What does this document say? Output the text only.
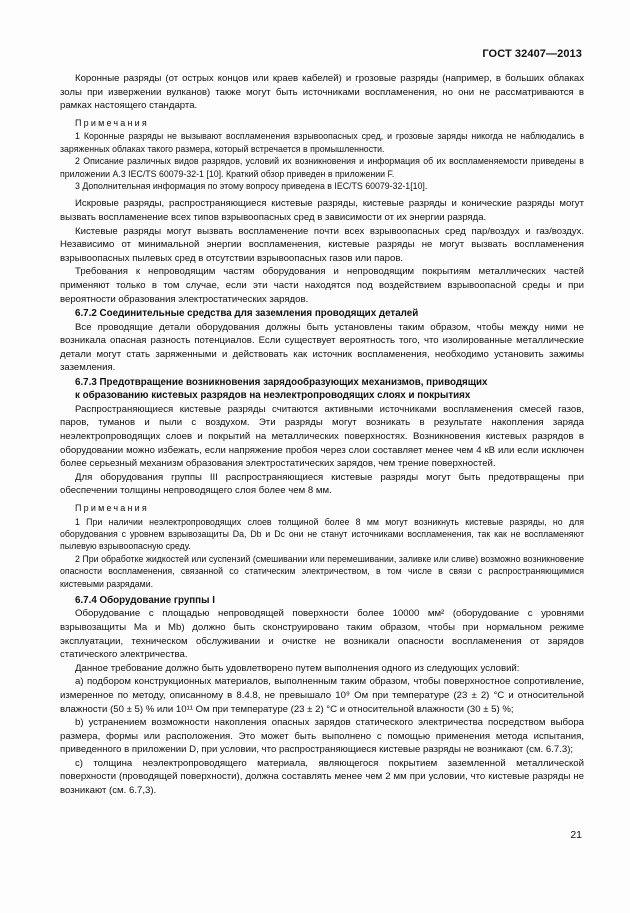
ГОСТ 32407—2013

Коронные разряды (от острых концов или краев кабелей) и грозовые разряды (например, в больших облаках золы при извержении вулканов) также могут быть источниками воспламенения, но они не рассматриваются в рамках настоящего стандарта.

Примечания

1 Коронные разряды не вызывают воспламенения взрывоопасных сред, и грозовые заряды никогда не наблюдались в заряженных облаках такого размера, который встречается в промышленности.

2 Описание различных видов разрядов, условий их возникновения и информация об их воспламеняемости приведены в приложении А.3 IEC/TS 60079-32-1 [10]. Краткий обзор приведен в приложении F.

3 Дополнительная информация по этому вопросу приведена в IEC/TS 60079-32-1[10].

Искровые разряды, распространяющиеся кистевые разряды, кистевые разряды и конические разряды могут вызвать воспламенение всех типов взрывоопасных сред в зависимости от их энергии разряда.

Кистевые разряды могут вызвать воспламенение почти всех взрывоопасных сред пар/воздух и газ/воздух. Независимо от минимальной энергии воспламенения, кистевые разряды не могут вызвать воспламенения взрывоопасных пылевых сред в отсутствии взрывоопасных газов или паров.

Требования к непроводящим частям оборудования и непроводящим покрытиям металлических частей применяют только в том случае, если эти части находятся под воздействием взрывоопасной среды и при вероятности образования электростатических зарядов.

6.7.2 Соединительные средства для заземления проводящих деталей

Все проводящие детали оборудования должны быть установлены таким образом, чтобы между ними не возникала опасная разность потенциалов. Если существует вероятность того, что изолированные металлические детали могут стать заряженными и действовать как источник воспламенения, необходимо установить зажимы заземления.

6.7.3 Предотвращение возникновения зарядообразующих механизмов, приводящих
к образованию кистевых разрядов на неэлектропроводящих слоях и покрытиях

Распространяющиеся кистевые разряды считаются активными источниками воспламенения смесей газов, паров, туманов и пыли с воздухом. Эти разряды могут возникать в результате накопления заряда неэлектропроводящих слоев и покрытий на металлических поверхностях. Возникновения кистевых разрядов в оборудовании можно избежать, если напряжение пробоя через слои составляет менее чем 4 кВ или если исключен более серьезный механизм образования электростатических зарядов, чем трение поверхностей.

Для оборудования группы III распространяющиеся кистевые разряды могут быть предотвращены при обеспечении толщины непроводящего слоя более чем 8 мм.

Примечания

1 При наличии неэлектропроводящих слоев толщиной более 8 мм могут возникнуть кистевые разряды, но для оборудования с уровнем взрывозащиты Da, Db и Dc они не станут источниками воспламенения, так как не воспламеняют пылевую взрывоопасную среду.

2 При обработке жидкостей или суспензий (смешивании или перемешивании, заливке или сливе) возможно возникновение опасности воспламенения, связанной со статическим электричеством, в том числе в связи с распространяющимися кистевыми разрядами.

6.7.4 Оборудование группы I

Оборудование с площадью непроводящей поверхности более 10000 мм² (оборудование с уровнями взрывозащиты Ма и Mb) должно быть сконструировано таким образом, чтобы при нормальном режиме эксплуатации, техническом обслуживании и очистке не возникали опасности воспламенения от зарядов статического электричества.

Данное требование должно быть удовлетворено путем выполнения одного из следующих условий:

а) подбором конструкционных материалов, выполненным таким образом, чтобы поверхностное сопротивление, измеренное по методу, описанному в 8.4.8, не превышало 10⁹ Ом при температуре (23 ± 2) °С и относительной влажности (50 ± 5) % или 10¹¹ Ом при температуре (23 ± 2) °С и относительной влажности (30 ± 5) %;

b) устранением возможности накопления опасных зарядов статического электричества посредством выбора размера, формы или расположения. Это может быть выполнено с помощью применения метода испытания, приведенного в приложении D, при условии, что распространяющиеся кистевые разряды не возникают (см. 6.7.3);

c) толщина неэлектропроводящего материала, являющегося покрытием заземленной металлической поверхности (проводящей поверхности), должна составлять менее чем 2 мм при условии, что кистевые разряды не возникают (см. 6.7,3).

21
